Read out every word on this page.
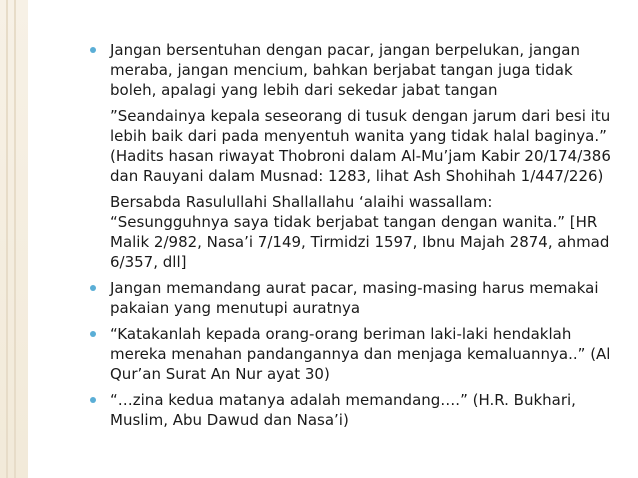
Jangan bersentuhan dengan pacar, jangan berpelukan, jangan meraba, jangan mencium, bahkan berjabat tangan juga tidak boleh, apalagi yang lebih dari sekedar jabat tangan
”Seandainya kepala seseorang di tusuk dengan jarum dari besi itu lebih baik dari pada menyentuh wanita yang tidak halal baginya.” (Hadits hasan riwayat Thobroni dalam Al-Mu’jam Kabir 20/174/386 dan Rauyani dalam Musnad: 1283, lihat Ash Shohihah 1/447/226)
Bersabda Rasulullahi Shallallahu ‘alaihi wassallam: “Sesungguhnya saya tidak berjabat tangan dengan wanita.” [HR Malik 2/982, Nasa’i 7/149, Tirmidzi 1597, Ibnu Majah 2874, ahmad 6/357, dll]
Jangan memandang aurat pacar, masing-masing harus memakai pakaian yang menutupi auratnya
“Katakanlah kepada orang-orang beriman laki-laki hendaklah mereka menahan pandangannya dan menjaga kemaluannya..” (Al Qur’an Surat An Nur ayat 30)
“…zina kedua matanya adalah memandang….” (H.R. Bukhari, Muslim, Abu Dawud dan Nasa’i)
